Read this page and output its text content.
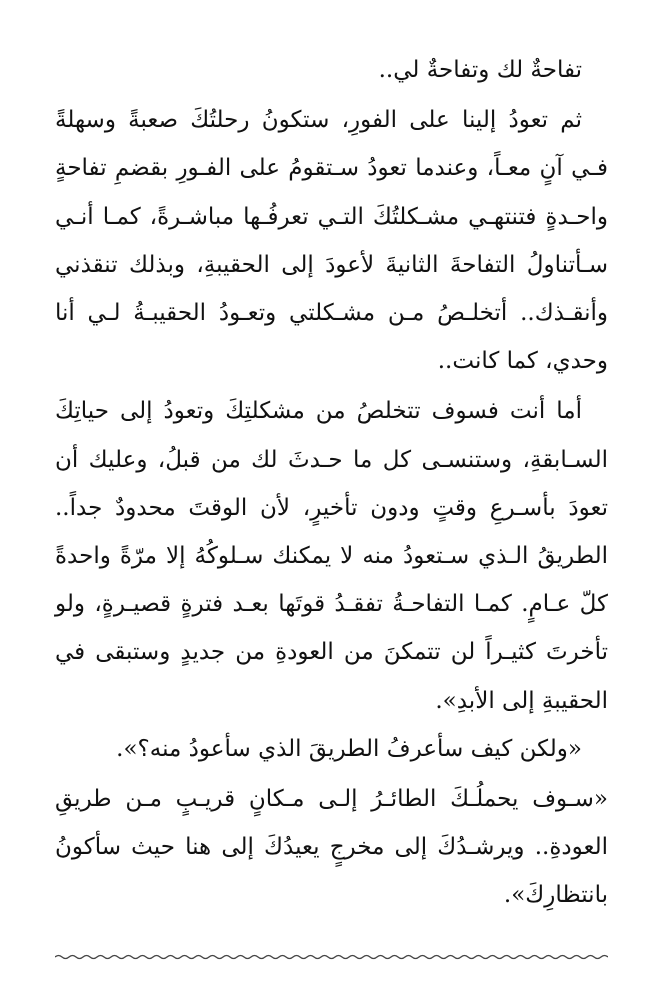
تفاحةٌ لك وتفاحةٌ لي..

ثم تعودُ إلينا على الفورِ، ستكونُ رحلتُكَ صعبةً وسهلةً
فـي آنٍ معـاً، وعندما تعودُ سـتقومُ على الفـورِ بقضمِ تفاحةٍ
واحـدةٍ فتنتهـي مشـكلتُكَ التـي تعرفُـها مباشـرةً، كمـا أنـي
سـأتناولُ التفاحةَ الثانيةَ لأعودَ إلى الحقيبةِ، وبذلك تنقذني
وأنقـذك.. أتخلـصُ مـن مشـكلتي وتعـودُ الحقيبـةُ لـي أنا
وحدي، كما كانت..

أما أنت فسوف تتخلصُ من مشكلتِكَ وتعودُ إلى حياتِكَ
السـابقةِ، وستنسـى كل ما حـدثَ لك من قبلُ، وعليك أن
تعودَ بأسـرعِ وقتٍ ودون تأخيرٍ، لأن الوقتَ محدودٌ جداً..
الطريقُ الـذي سـتعودُ منه لا يمكنك سـلوكُهُ إلا مرّةً واحدةً
كلّ عـامٍ. كمـا التفاحـةُ تفقـدُ قوتَها بعـد فترةٍ قصيـرةٍ، ولو
تأخرتَ كثيـراً لن تتمكنَ من العودةِ من جديدٍ وستبقى في
الحقيبةِ إلى الأبدِ».

«ولكن كيف سأعرفُ الطريقَ الذي سأعودُ منه؟».

«سـوف يحملُـكَ الطائـرُ إلـى مـكانٍ قريـبٍ مـن طريقِ
العودةِ.. ويرشـدُكَ إلى مخرجٍ يعيدُكَ إلى هنا حيث سأكونُ
بانتظارِكَ».
